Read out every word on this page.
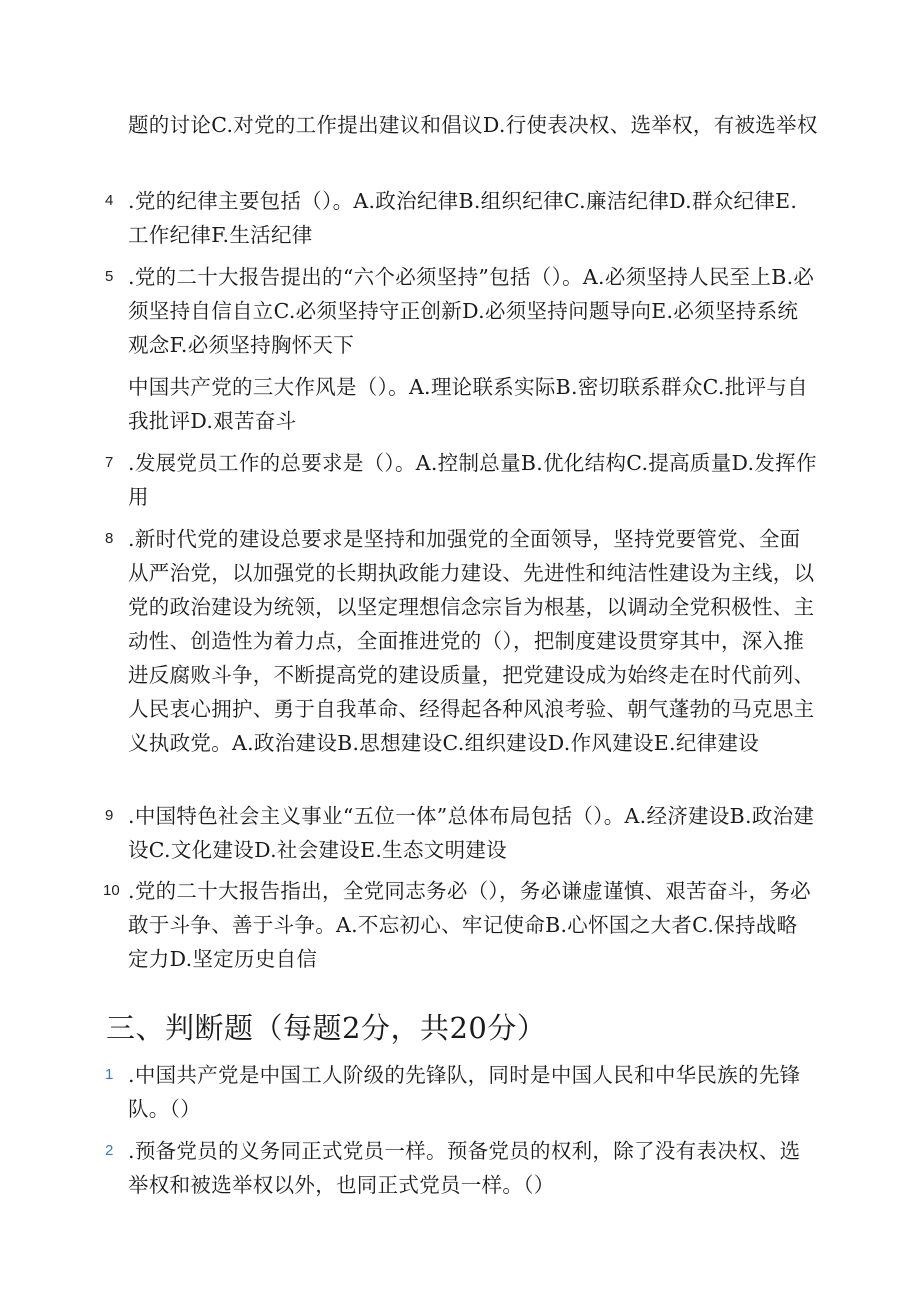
题的讨论C.对党的工作提出建议和倡议D.行使表决权、选举权，有被选举权
4 .党的纪律主要包括（）。A.政治纪律B.组织纪律C.廉洁纪律D.群众纪律E.工作纪律F.生活纪律
5 .党的二十大报告提出的“六个必须坚持”包括（）。A.必须坚持人民至上B.必须坚持自信自立C.必须坚持守正创新D.必须坚持问题导向E.必须坚持系统观念F.必须坚持胸怀天下
中国共产党的三大作风是（）。A.理论联系实际B.密切联系群众C.批评与自我批评D.艰苦奋斗
7 .发展党员工作的总要求是（）。A.控制总量B.优化结构C.提高质量D.发挥作用
8 .新时代党的建设总要求是坚持和加强党的全面领导，坚持党要管党、全面从严治党，以加强党的长期执政能力建设、先进性和纯洁性建设为主线，以党的政治建设为统领，以坚定理想信念宗旨为根基，以调动全党积极性、主动性、创造性为着力点，全面推进党的（），把制度建设贯穿其中，深入推进反腐败斗争，不断提高党的建设质量，把党建设成为始终走在时代前列、人民衷心拥护、勇于自我革命、经得起各种风浪考验、朝气蓬勃的马克思主义执政党。A.政治建设B.思想建设C.组织建设D.作风建设E.纪律建设
9 .中国特色社会主义事业“五位一体”总体布局包括（）。A.经济建设B.政治建设C.文化建设D.社会建设E.生态文明建设
10 .党的二十大报告指出，全党同志务必（），务必谦虚谨慎、艰苦奋斗，务必敢于斗争、善于斗争。A.不忘初心、牢记使命B.心怀国之大者C.保持战略定力D.坚定历史自信
三、判断题（每题2分，共20分）
1 .中国共产党是中国工人阶级的先锋队，同时是中国人民和中华民族的先锋队。（）
2 .预备党员的义务同正式党员一样。预备党员的权利，除了没有表决权、选举权和被选举权以外，也同正式党员一样。（）
